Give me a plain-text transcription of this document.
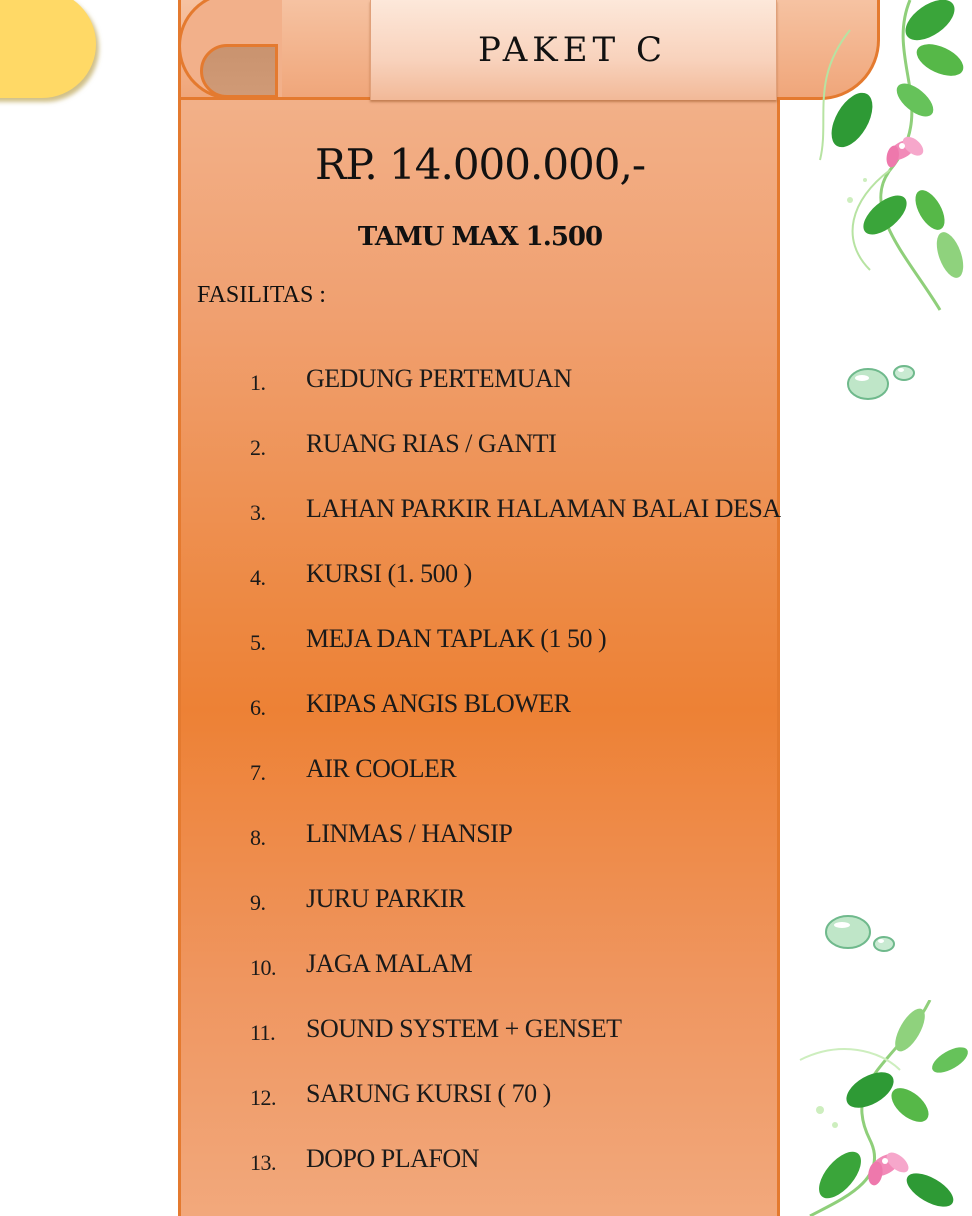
PAKET C
RP. 14.000.000,-
TAMU MAX 1.500
FASILITAS :
1.	GEDUNG PERTEMUAN
2.	RUANG RIAS / GANTI
3.	LAHAN PARKIR HALAMAN BALAI DESA
4.	KURSI (1. 500 )
5.	MEJA DAN TAPLAK (1 50 )
6.	KIPAS ANGIS BLOWER
7.	AIR COOLER
8.	LINMAS / HANSIP
9.	JURU PARKIR
10.	JAGA MALAM
11.	SOUND SYSTEM + GENSET
12.	SARUNG KURSI ( 70 )
13.	DOPO PLAFON
